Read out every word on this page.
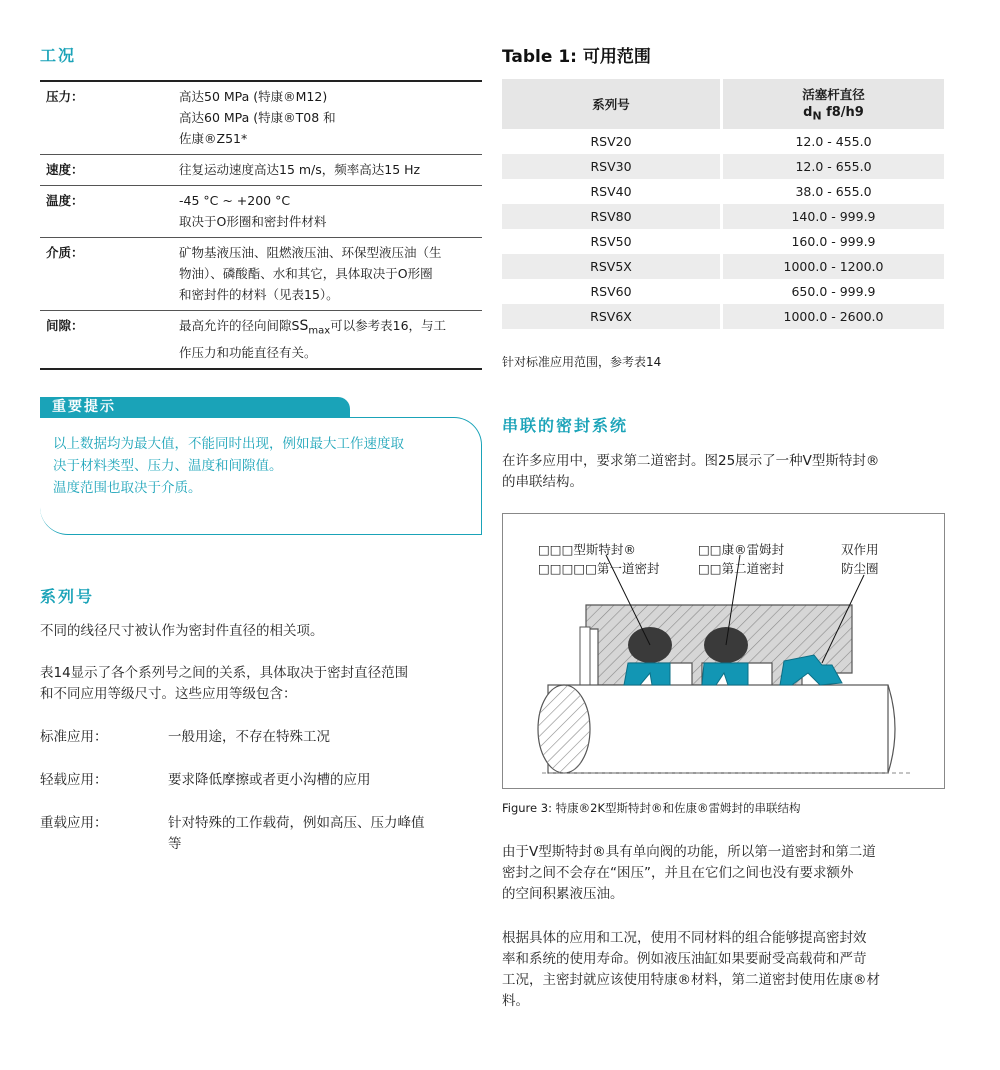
工况
压力：	高达50 MPa (特康®M12)
高达60 MPa (特康®T08 和
佐康®Z51*
速度：	往复运动速度高达15 m/s，频率高达15 Hz
温度：	-45 °C ~ +200 °C
取决于O形圈和密封件材料
介质：	矿物基液压油、阻燃液压油、环保型液压油（生
物油）、磷酸酯、水和其它，具体取决于O形圈
和密封件的材料（见表15）。
间隙：	最高允许的径向间隙$SS_{max}$可以参考表16，与工
作压力和功能直径有关。
重要提示
以上数据均为最大值，不能同时出现，例如最大工作速度取
决于材料类型、压力、温度和间隙值。
温度范围也取决于介质。
系列号
不同的线径尺寸被认作为密封件直径的相关项。
表14显示了各个系列号之间的关系，具体取决于密封直径范围
和不同应用等级尺寸。这些应用等级包含：
标准应用：	一般用途，不存在特殊工况
轻载应用：	要求降低摩擦或者更小沟槽的应用
重载应用：	针对特殊的工作载荷，例如高压、压力峰值
等
Table 1: 可用范围
系列号	活塞杆直径
$d_N$ f8/h9

RSV20	12.0 - 455.0
RSV30	12.0 - 655.0
RSV40	38.0 - 655.0
RSV80	140.0 - 999.9
RSV50	160.0 - 999.9
RSV5X	1000.0 - 1200.0
RSV60	650.0 - 999.9
RSV6X	1000.0 - 2600.0
针对标准应用范围，参考表14
串联的密封系统
在许多应用中，要求第二道密封。图25展示了一种V型斯特封®
的串联结构。
□□□型斯特封®
□□□□□第一道密封
□□康®雷姆封
□□第二道密封
双作用
防尘圈
Figure 3: 特康®2K型斯特封®和佐康®雷姆封的串联结构
由于V型斯特封®具有单向阀的功能，所以第一道密封和第二道
密封之间不会存在“困压”，并且在它们之间也没有要求额外
的空间积累液压油。
根据具体的应用和工况，使用不同材料的组合能够提高密封效
率和系统的使用寿命。例如液压油缸如果要耐受高载荷和严苛
工况，主密封就应该使用特康®材料，第二道密封使用佐康®材
料。
